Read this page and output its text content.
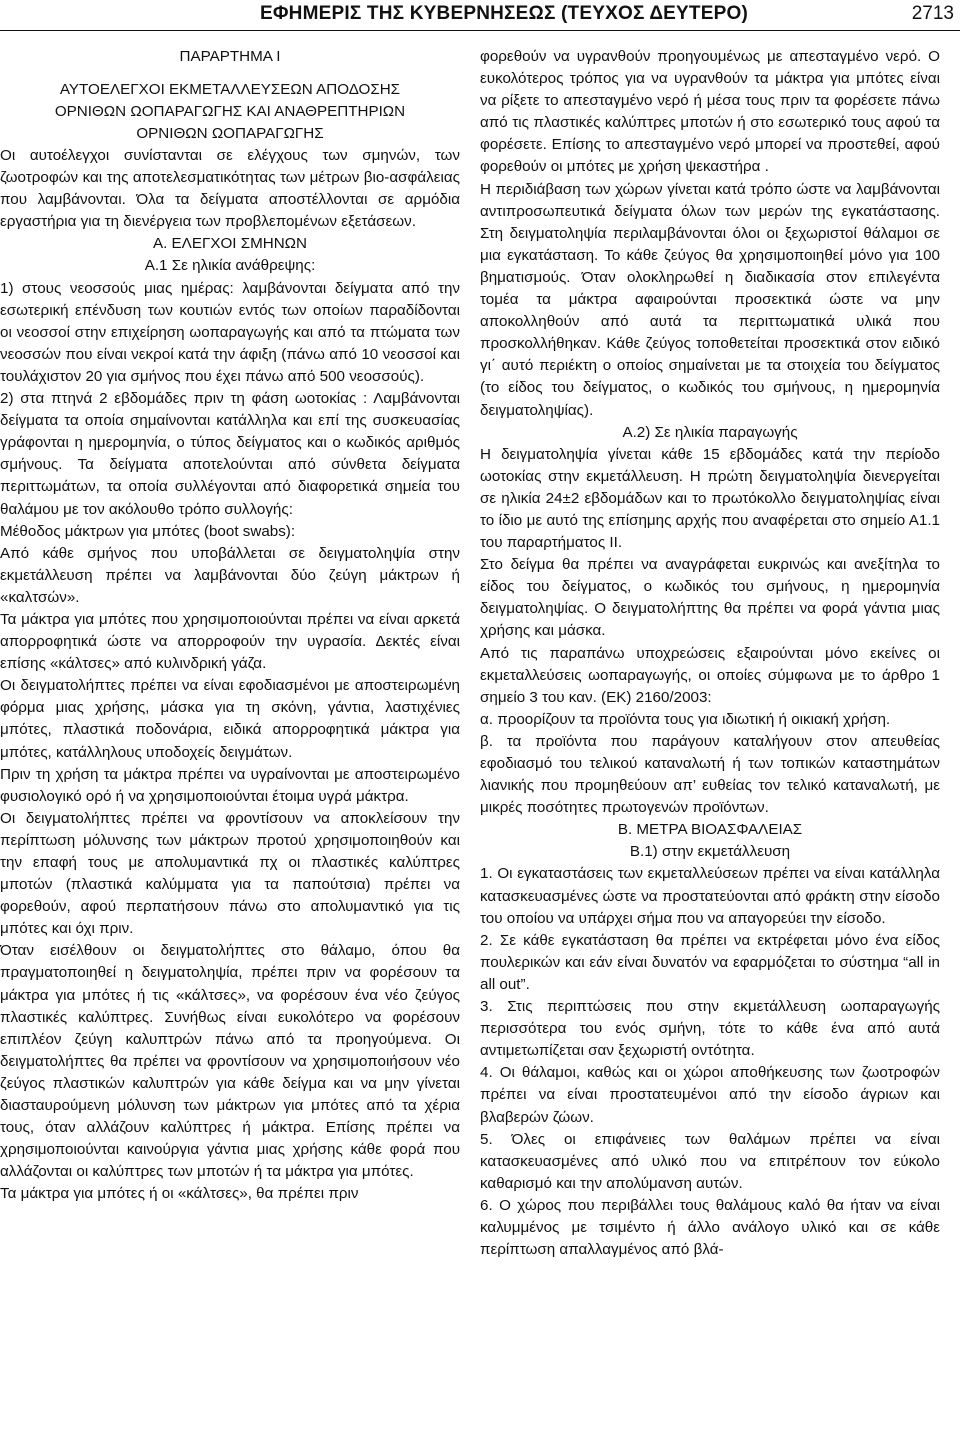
ΕΦΗΜΕΡΙΣ ΤΗΣ ΚΥΒΕΡΝΗΣΕΩΣ (ΤΕΥΧΟΣ ΔΕΥΤΕΡΟ)	2713
ΠΑΡΑΡΤΗΜΑ Ι
ΑΥΤΟΕΛΕΓΧΟΙ ΕΚΜΕΤΑΛΛΕΥΣΕΩΝ ΑΠΟΔΟΣΗΣ
ΟΡΝΙΘΩΝ ΩΟΠΑΡΑΓΩΓΗΣ ΚΑΙ ΑΝΑΘΡΕΠΤΗΡΙΩΝ
ΟΡΝΙΘΩΝ ΩΟΠΑΡΑΓΩΓΗΣ

Οι αυτοέλεγχοι συνίστανται σε ελέγχους των σμηνών, των ζωοτροφών και της αποτελεσματικότητας των μέτρων βιο-ασφάλειας που λαμβάνονται. Όλα τα δείγματα αποστέλλονται σε αρμόδια εργαστήρια για τη διενέργεια των προβλεπομένων εξετάσεων.

Α. ΕΛΕΓΧΟΙ ΣΜΗΝΩΝ

Α.1 Σε ηλικία ανάθρεψης:

1) στους νεοσσούς μιας ημέρας: λαμβάνονται δείγματα από την εσωτερική επένδυση των κουτιών εντός των οποίων παραδίδονται οι νεοσσοί στην επιχείρηση ωοπαραγωγής και από τα πτώματα των νεοσσών που είναι νεκροί κατά την άφιξη (πάνω από 10 νεοσσοί και τουλάχιστον 20 για σμήνος που έχει πάνω από 500 νεοσσούς).

2) στα πτηνά 2 εβδομάδες πριν τη φάση ωοτοκίας : Λαμβάνονται δείγματα τα οποία σημαίνονται κατάλληλα και επί της συσκευασίας γράφονται η ημερομηνία, ο τύπος δείγματος και ο κωδικός αριθμός σμήνους. Τα δείγματα αποτελούνται από σύνθετα δείγματα περιττωμάτων, τα οποία συλλέγονται από διαφορετικά σημεία του θαλάμου με τον ακόλουθο τρόπο συλλογής:

Μέθοδος μάκτρων για μπότες (boot swabs):

Από κάθε σμήνος που υποβάλλεται σε δειγματοληψία στην εκμετάλλευση πρέπει να λαμβάνονται δύο ζεύγη μάκτρων ή «καλτσών».

Τα μάκτρα για μπότες που χρησιμοποιούνται πρέπει να είναι αρκετά απορροφητικά ώστε να απορροφούν την υγρασία. Δεκτές είναι επίσης «κάλτσες» από κυλινδρική γάζα.

Οι δειγματολήπτες πρέπει να είναι εφοδιασμένοι με αποστειρωμένη φόρμα μιας χρήσης, μάσκα για τη σκόνη, γάντια, λαστιχένιες μπότες, πλαστικά ποδονάρια, ειδικά απορροφητικά μάκτρα για μπότες, κατάλληλους υποδοχείς δειγμάτων.

Πριν τη χρήση τα μάκτρα πρέπει να υγραίνονται με αποστειρωμένο φυσιολογικό ορό ή να χρησιμοποιούνται έτοιμα υγρά μάκτρα.

Οι δειγματολήπτες πρέπει να φροντίσουν να αποκλείσουν την περίπτωση μόλυνσης των μάκτρων προτού χρησιμοποιηθούν και την επαφή τους με απολυμαντικά πχ οι πλαστικές καλύπτρες μποτών (πλαστικά καλύμματα για τα παπούτσια) πρέπει να φορεθούν, αφού περπατήσουν πάνω στο απολυμαντικό για τις μπότες και όχι πριν.

Όταν εισέλθουν οι δειγματολήπτες στο θάλαμο, όπου θα πραγματοποιηθεί η δειγματοληψία, πρέπει πριν να φορέσουν τα μάκτρα για μπότες ή τις «κάλτσες», να φορέσουν ένα νέο ζεύγος πλαστικές καλύπτρες. Συνήθως είναι ευκολότερο να φορέσουν επιπλέον ζεύγη καλυπτρών πάνω από τα προηγούμενα. Οι δειγματολήπτες θα πρέπει να φροντίσουν να χρησιμοποιήσουν νέο ζεύγος πλαστικών καλυπτρών για κάθε δείγμα και να μην γίνεται διασταυρούμενη μόλυνση των μάκτρων για μπότες από τα χέρια τους, όταν αλλάζουν καλύπτρες ή μάκτρα. Επίσης πρέπει να χρησιμοποιούνται καινούργια γάντια μιας χρήσης κάθε φορά που αλλάζονται οι καλύπτρες των μποτών ή τα μάκτρα για μπότες.

Τα μάκτρα για μπότες ή οι «κάλτσες», θα πρέπει πριν

φορεθούν να υγρανθούν προηγουμένως με απεσταγμένο νερό. Ο ευκολότερος τρόπος για να υγρανθούν τα μάκτρα για μπότες είναι να ρίξετε το απεσταγμένο νερό ή μέσα τους πριν τα φορέσετε πάνω από τις πλαστικές καλύπτρες μποτών ή στο εσωτερικό τους αφού τα φορέσετε. Επίσης το απεσταγμένο νερό μπορεί να προστεθεί, αφού φορεθούν οι μπότες με χρήση ψεκαστήρα .

Η περιδιάβαση των χώρων γίνεται κατά τρόπο ώστε να λαμβάνονται αντιπροσωπευτικά δείγματα όλων των μερών της εγκατάστασης. Στη δειγματοληψία περιλαμβάνονται όλοι οι ξεχωριστοί θάλαμοι σε μια εγκατάσταση. Το κάθε ζεύγος θα χρησιμοποιηθεί μόνο για 100 βηματισμούς. Όταν ολοκληρωθεί η διαδικασία στον επιλεγέντα τομέα τα μάκτρα αφαιρούνται προσεκτικά ώστε να μην αποκολληθούν από αυτά τα περιττωματικά υλικά που προσκολλήθηκαν. Κάθε ζεύγος τοποθετείται προσεκτικά στον ειδικό γι΄ αυτό περιέκτη ο οποίος σημαίνεται με τα στοιχεία του δείγματος (το είδος του δείγματος, ο κωδικός του σμήνους, η ημερομηνία δειγματοληψίας).

Α.2) Σε ηλικία παραγωγής

Η δειγματοληψία γίνεται κάθε 15 εβδομάδες κατά την περίοδο ωοτοκίας στην εκμετάλλευση. Η πρώτη δειγματοληψία διενεργείται σε ηλικία 24±2 εβδομάδων και το πρωτόκολλο δειγματοληψίας είναι το ίδιο με αυτό της επίσημης αρχής που αναφέρεται στο σημείο Α1.1 του παραρτήματος ΙΙ.

Στο δείγμα θα πρέπει να αναγράφεται ευκρινώς και ανεξίτηλα το είδος του δείγματος, ο κωδικός του σμήνους, η ημερομηνία δειγματοληψίας. Ο δειγματολήπτης θα πρέπει να φορά γάντια μιας χρήσης και μάσκα.

Από τις παραπάνω υποχρεώσεις εξαιρούνται μόνο εκείνες οι εκμεταλλεύσεις ωοπαραγωγής, οι οποίες σύμφωνα με το άρθρο 1 σημείο 3 του καν. (ΕΚ) 2160/2003:

α. προορίζουν τα προϊόντα τους για ιδιωτική ή οικιακή χρήση.

β. τα προϊόντα που παράγουν καταλήγουν στον απευθείας εφοδιασμό του τελικού καταναλωτή ή των τοπικών καταστημάτων λιανικής που προμηθεύουν απ’ ευθείας τον τελικό καταναλωτή, με μικρές ποσότητες πρωτογενών προϊόντων.

Β. ΜΕΤΡΑ ΒΙΟΑΣΦΑΛΕΙΑΣ

Β.1) στην εκμετάλλευση

1. Οι εγκαταστάσεις των εκμεταλλεύσεων πρέπει να είναι κατάλληλα κατασκευασμένες ώστε να προστατεύονται από φράκτη στην είσοδο του οποίου να υπάρχει σήμα που να απαγορεύει την είσοδο.

2. Σε κάθε εγκατάσταση θα πρέπει να εκτρέφεται μόνο ένα είδος πουλερικών και εάν είναι δυνατόν να εφαρμόζεται το σύστημα “all in all out”.

3. Στις περιπτώσεις που στην εκμετάλλευση ωοπαραγωγής περισσότερα του ενός σμήνη, τότε το κάθε ένα από αυτά αντιμετωπίζεται σαν ξεχωριστή οντότητα.

4. Οι θάλαμοι, καθώς και οι χώροι αποθήκευσης των ζωοτροφών πρέπει να είναι προστατευμένοι από την είσοδο άγριων και βλαβερών ζώων.

5. Όλες οι επιφάνειες των θαλάμων πρέπει να είναι κατασκευασμένες από υλικό που να επιτρέπουν τον εύκολο καθαρισμό και την απολύμανση αυτών.

6. Ο χώρος που περιβάλλει τους θαλάμους καλό θα ήταν να είναι καλυμμένος με τσιμέντο ή άλλο ανάλογο υλικό και σε κάθε περίπτωση απαλλαγμένος από βλά-
